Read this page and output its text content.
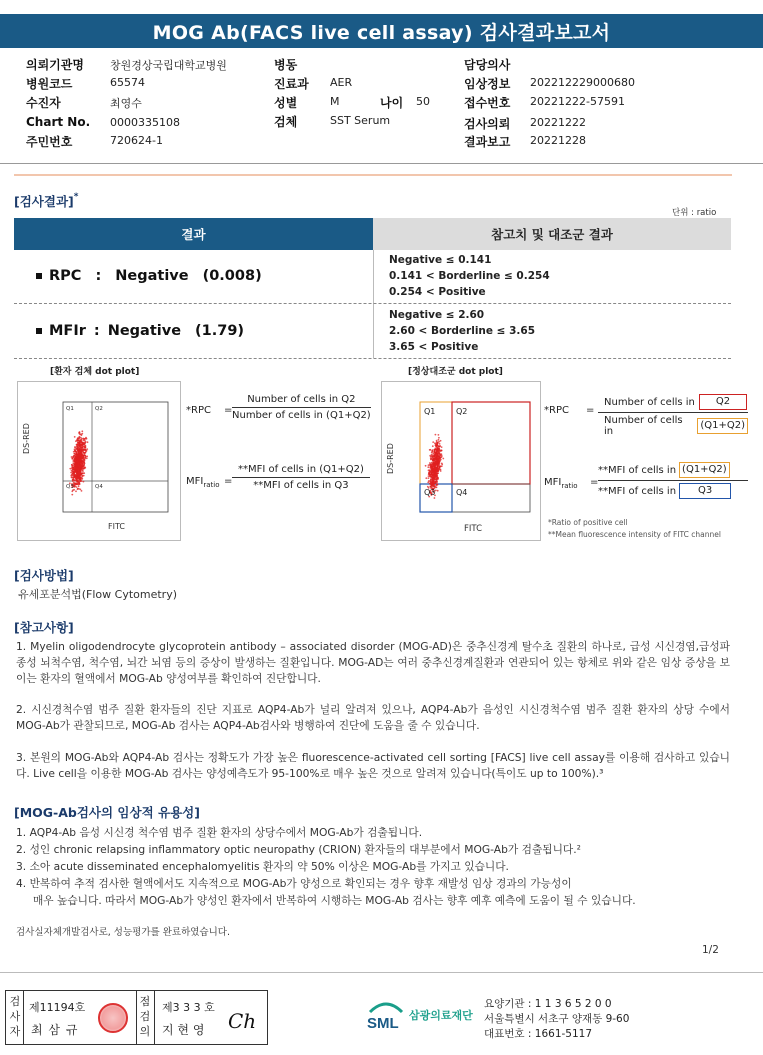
MOG Ab(FACS live cell assay) 검사결과보고서
의뢰기관명 창원경상국립대학교병원
병원코드	65574
수진자	최영수
Chart No. 0000335108
주민번호	720624-1
병동
진료과 AER
성별	M	나이 50
검체	SST Serum
담당의사
임상정보 202212229000680
접수번호 20221222-57591
검사의뢰 20221222
결과보고 20221228
[검사결과]*
단위 : ratio
결과	참고치 및 대조군 결과
RPC : Negative (0.008)
Negative ≤ 0.141
0.141 < Borderline ≤ 0.254
0.254 < Positive
MFIr : Negative (1.79)
Negative ≤ 2.60
2.60 < Borderline ≤ 3.65
3.65 < Positive
[환자 검체 dot plot]	[정상대조군 dot plot]
Q1	Q2
Q3	Q4
DS-RED
FITC
*RPC =
Number of cells in Q2
Number of cells in (Q1+Q2)
$MFI_{ratio}$ =
**MFI of cells in (Q1+Q2)
**MFI of cells in Q3
Q1	Q2
Q3	Q4
DS-RED
FITC
*RPC =
Number of cells in	Q2
Number of cells in
(Q1+Q2)
$MFI_{ratio}$ =
**MFI of cells in (Q1+Q2)
**MFI of cells in	Q3
*Ratio of positive cell
**Mean fluorescence intensity of FITC channel
[검사방법]
유세포분석법(Flow Cytometry)
[참고사항]
1. Myelin oligodendrocyte glycoprotein antibody – associated disorder (MOG-AD)은 중추신경계 탈수초 질환의 하나로, 급성 시신경염,급성파종성 뇌척수염, 척수염, 뇌간 뇌염 등의 증상이 발생하는 질환입니다. MOG-AD는 여러 중추신경계질환과 연관되어 있는 항체로 위와 같은 임상 증상을 보이는 환자의 혈액에서 MOG-Ab 양성여부를 확인하여 진단합니다.
2. 시신경척수염 범주 질환 환자들의 진단 지표로 AQP4-Ab가 널리 알려져 있으나, AQP4-Ab가 음성인 시신경척수염 범주 질환 환자의 상당 수에서 MOG-Ab가 관찰되므로, MOG-Ab 검사는 AQP4-Ab검사와 병행하여 진단에 도움을 줄 수 있습니다.
3. 본원의 MOG-Ab와 AQP4-Ab 검사는 정확도가 가장 높은 fluorescence-activated cell sorting [FACS] live cell assay를 이용해 검사하고 있습니다. Live cell을 이용한 MOG-Ab 검사는 양성예측도가 95-100%로 매우 높은 것으로 알려져 있습니다(특이도 up to 100%).³
[MOG-Ab검사의 임상적 유용성]
1. AQP4-Ab 음성 시신경 척수염 범주 질환 환자의 상당수에서 MOG-Ab가 검출됩니다.
2. 성인 chronic relapsing inflammatory optic neuropathy (CRION) 환자들의 대부분에서 MOG-Ab가 검출됩니다.²
3. 소아 acute disseminated encephalomyelitis 환자의 약 50% 이상은 MOG-Ab를 가지고 있습니다.
4. 반복하여 추적 검사한 혈액에서도 지속적으로 MOG-Ab가 양성으로 확인되는 경우 향후 재발성 임상 경과의 가능성이
매우 높습니다. 따라서 MOG-Ab가 양성인 환자에서 반복하여 시행하는 MOG-Ab 검사는 향후 예후 예측에 도움이 될 수 있습니다.
검사실자체개발검사로, 성능평가를 완료하였습니다.
1/2
검
사
자
제11194호
최 삼 규
점
검
의
제3 3 3 호
지 현 영 Ch	SML 삼광의료재단
요양기관 : 1 1 3 6 5 2 0 0
서울특별시 서초구 양재동 9-60
대표번호 : 1661-5117
